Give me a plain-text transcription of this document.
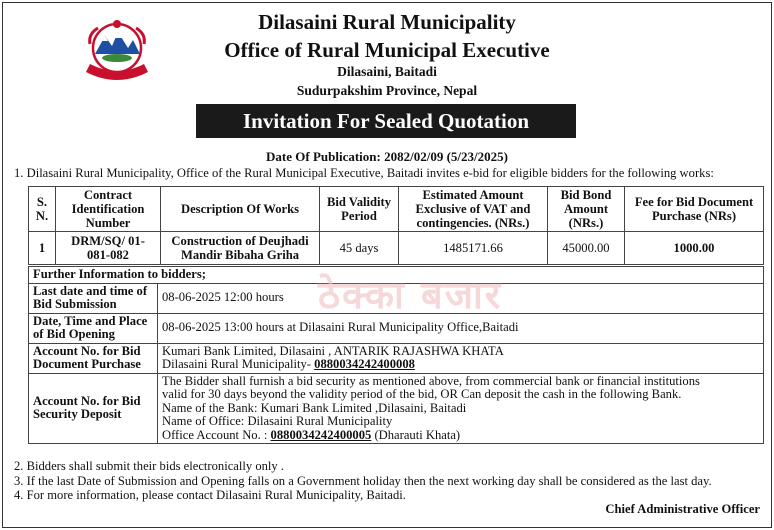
Dilasaini Rural Municipality
Office of Rural Municipal Executive
Dilasaini, Baitadi
Sudurpakshim Province, Nepal
Invitation For Sealed Quotation
Date Of Publication: 2082/02/09 (5/23/2025)
1. Dilasaini Rural Municipality, Office of the Rural Municipal Executive, Baitadi invites e-bid for eligible bidders for the following works:
S. N.	Contract Identification Number	Description Of Works	Bid Validity Period	Estimated Amount Exclusive of VAT and contingencies. (NRs.)	Bid Bond Amount (NRs.)	Fee for Bid Document Purchase (NRs)
1	DRM/SQ/ 01-081-082	Construction of Deujhadi Mandir Bibaha Griha	45 days	1485171.66	45000.00	1000.00
Further Information to bidders;	
Last date and time of Bid Submission	08-06-2025 12:00 hours
Date, Time and Place of Bid Opening	08-06-2025 13:00 hours at Dilasaini Rural Municipality Office,Baitadi
Account No. for Bid Document Purchase	Kumari Bank Limited, Dilasaini , ANTARIK RAJASHWA KHATA
Dilasaini Rural Municipality- 0880034242400008

Account No. for Bid Security Deposit	The Bidder shall furnish a bid security as mentioned above, from commercial bank or financial institutions
valid for 30 days beyond the validity period of the bid, OR Can deposit the cash in the following Bank.
Name of the Bank: Kumari Bank Limited ,Dilasaini, Baitadi
Name of Office: Dilasaini Rural Municipality
Office Account No. : 0880034242400005 (Dharauti Khata)
ठेक्का बजार
2. Bidders shall submit their bids electronically only .
3. If the last Date of Submission and Opening falls on a Government holiday then the next working day shall be considered as the last day.
4. For more information, please contact Dilasaini Rural Municipality, Baitadi.
Chief Administrative Officer
